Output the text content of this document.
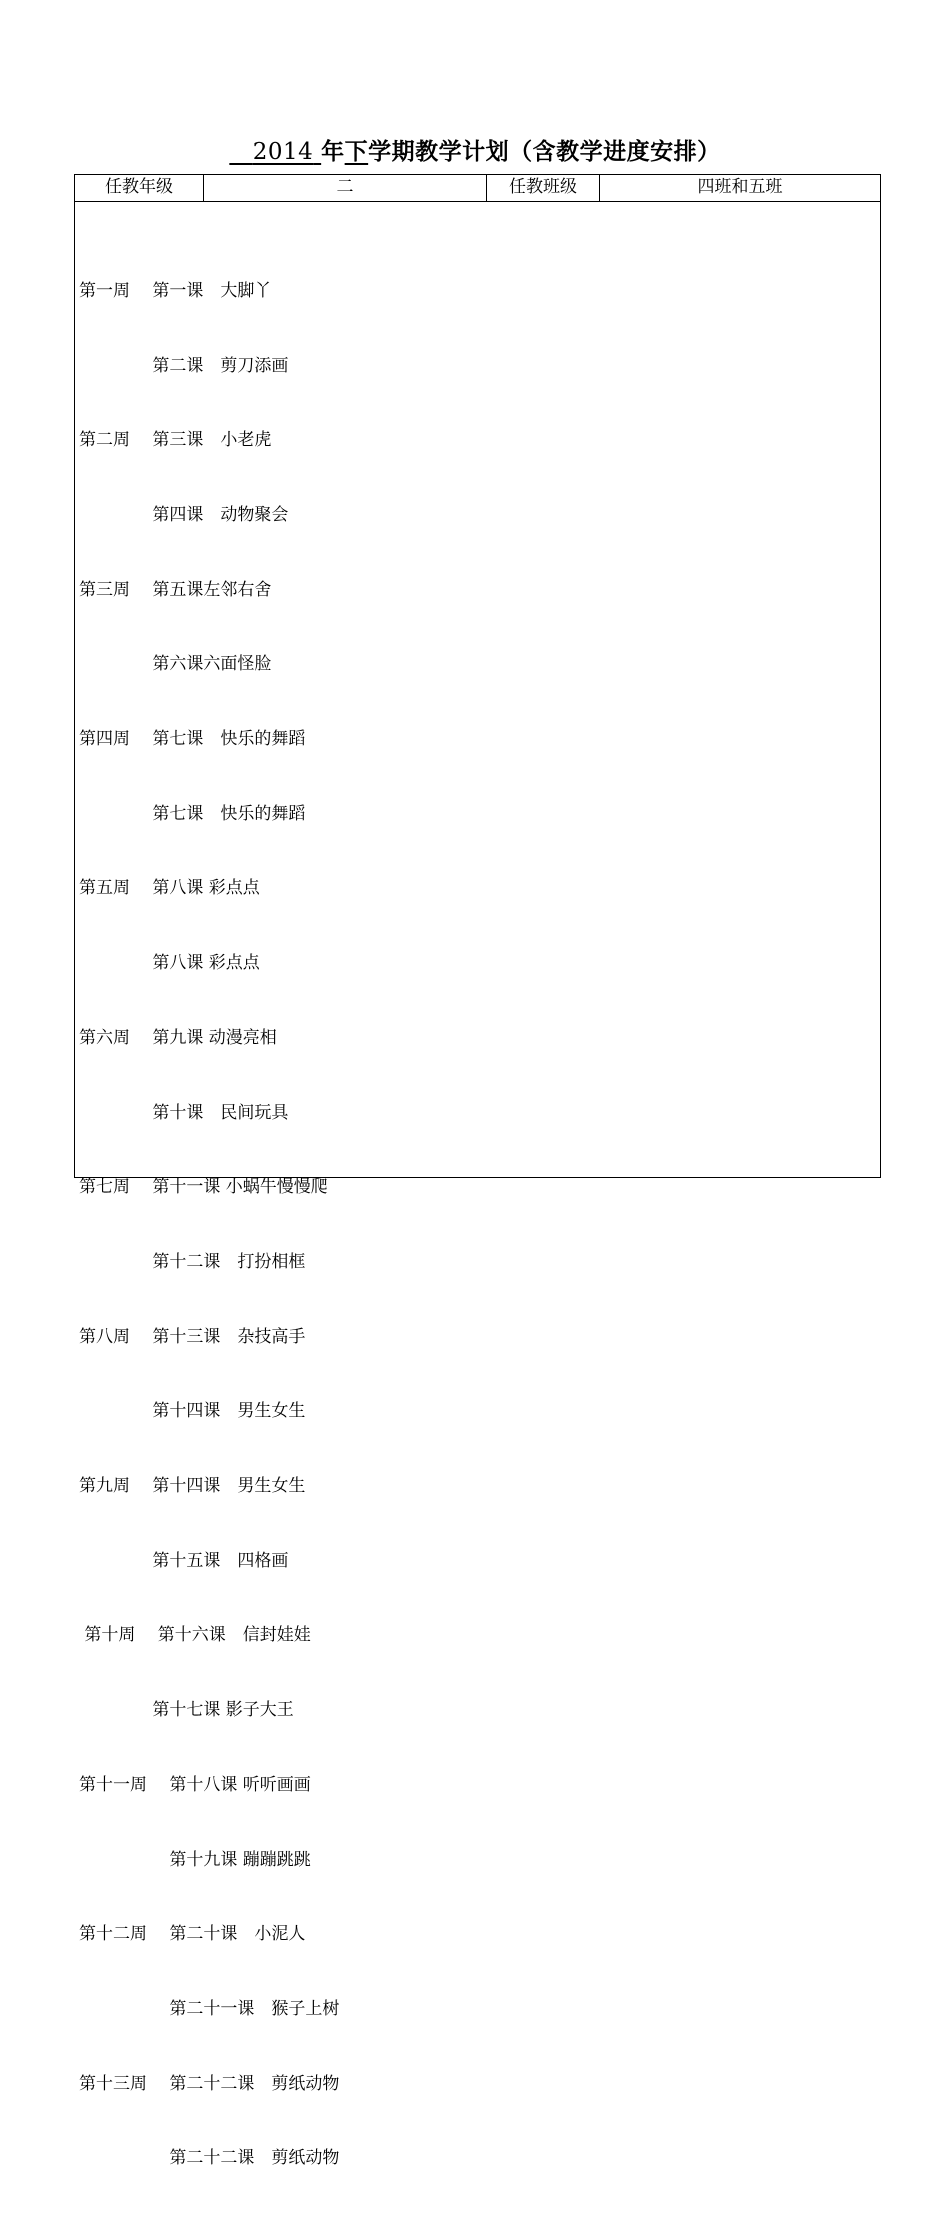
2014 年下学期教学计划（含教学进度安排）
任教年级	二	任教班级	四班和五班

第一周　 第一课　大脚丫

　　　　 第二课　剪刀添画

第二周　 第三课　小老虎

　　　　 第四课　动物聚会

第三周　 第五课左邻右舍

　　　　 第六课六面怪脸

第四周　 第七课　快乐的舞蹈

　　　　 第七课　快乐的舞蹈

第五周　 第八课 彩点点

　　　　 第八课 彩点点

第六周　 第九课 动漫亮相

　　　　 第十课　民间玩具

第七周　 第十一课 小蜗牛慢慢爬

　　　　 第十二课　打扮相框

第八周　 第十三课　杂技高手

　　　　 第十四课　男生女生

第九周　 第十四课　男生女生

　　　　 第十五课　四格画

第十周　 第十六课　信封娃娃

　　　　 第十七课 影子大王

第十一周　 第十八课 听听画画

　　　　　 第十九课 蹦蹦跳跳

第十二周　 第二十课　小泥人

　　　　　 第二十一课　猴子上树

第十三周　 第二十二课　剪纸动物

　　　　　 第二十二课　剪纸动物
